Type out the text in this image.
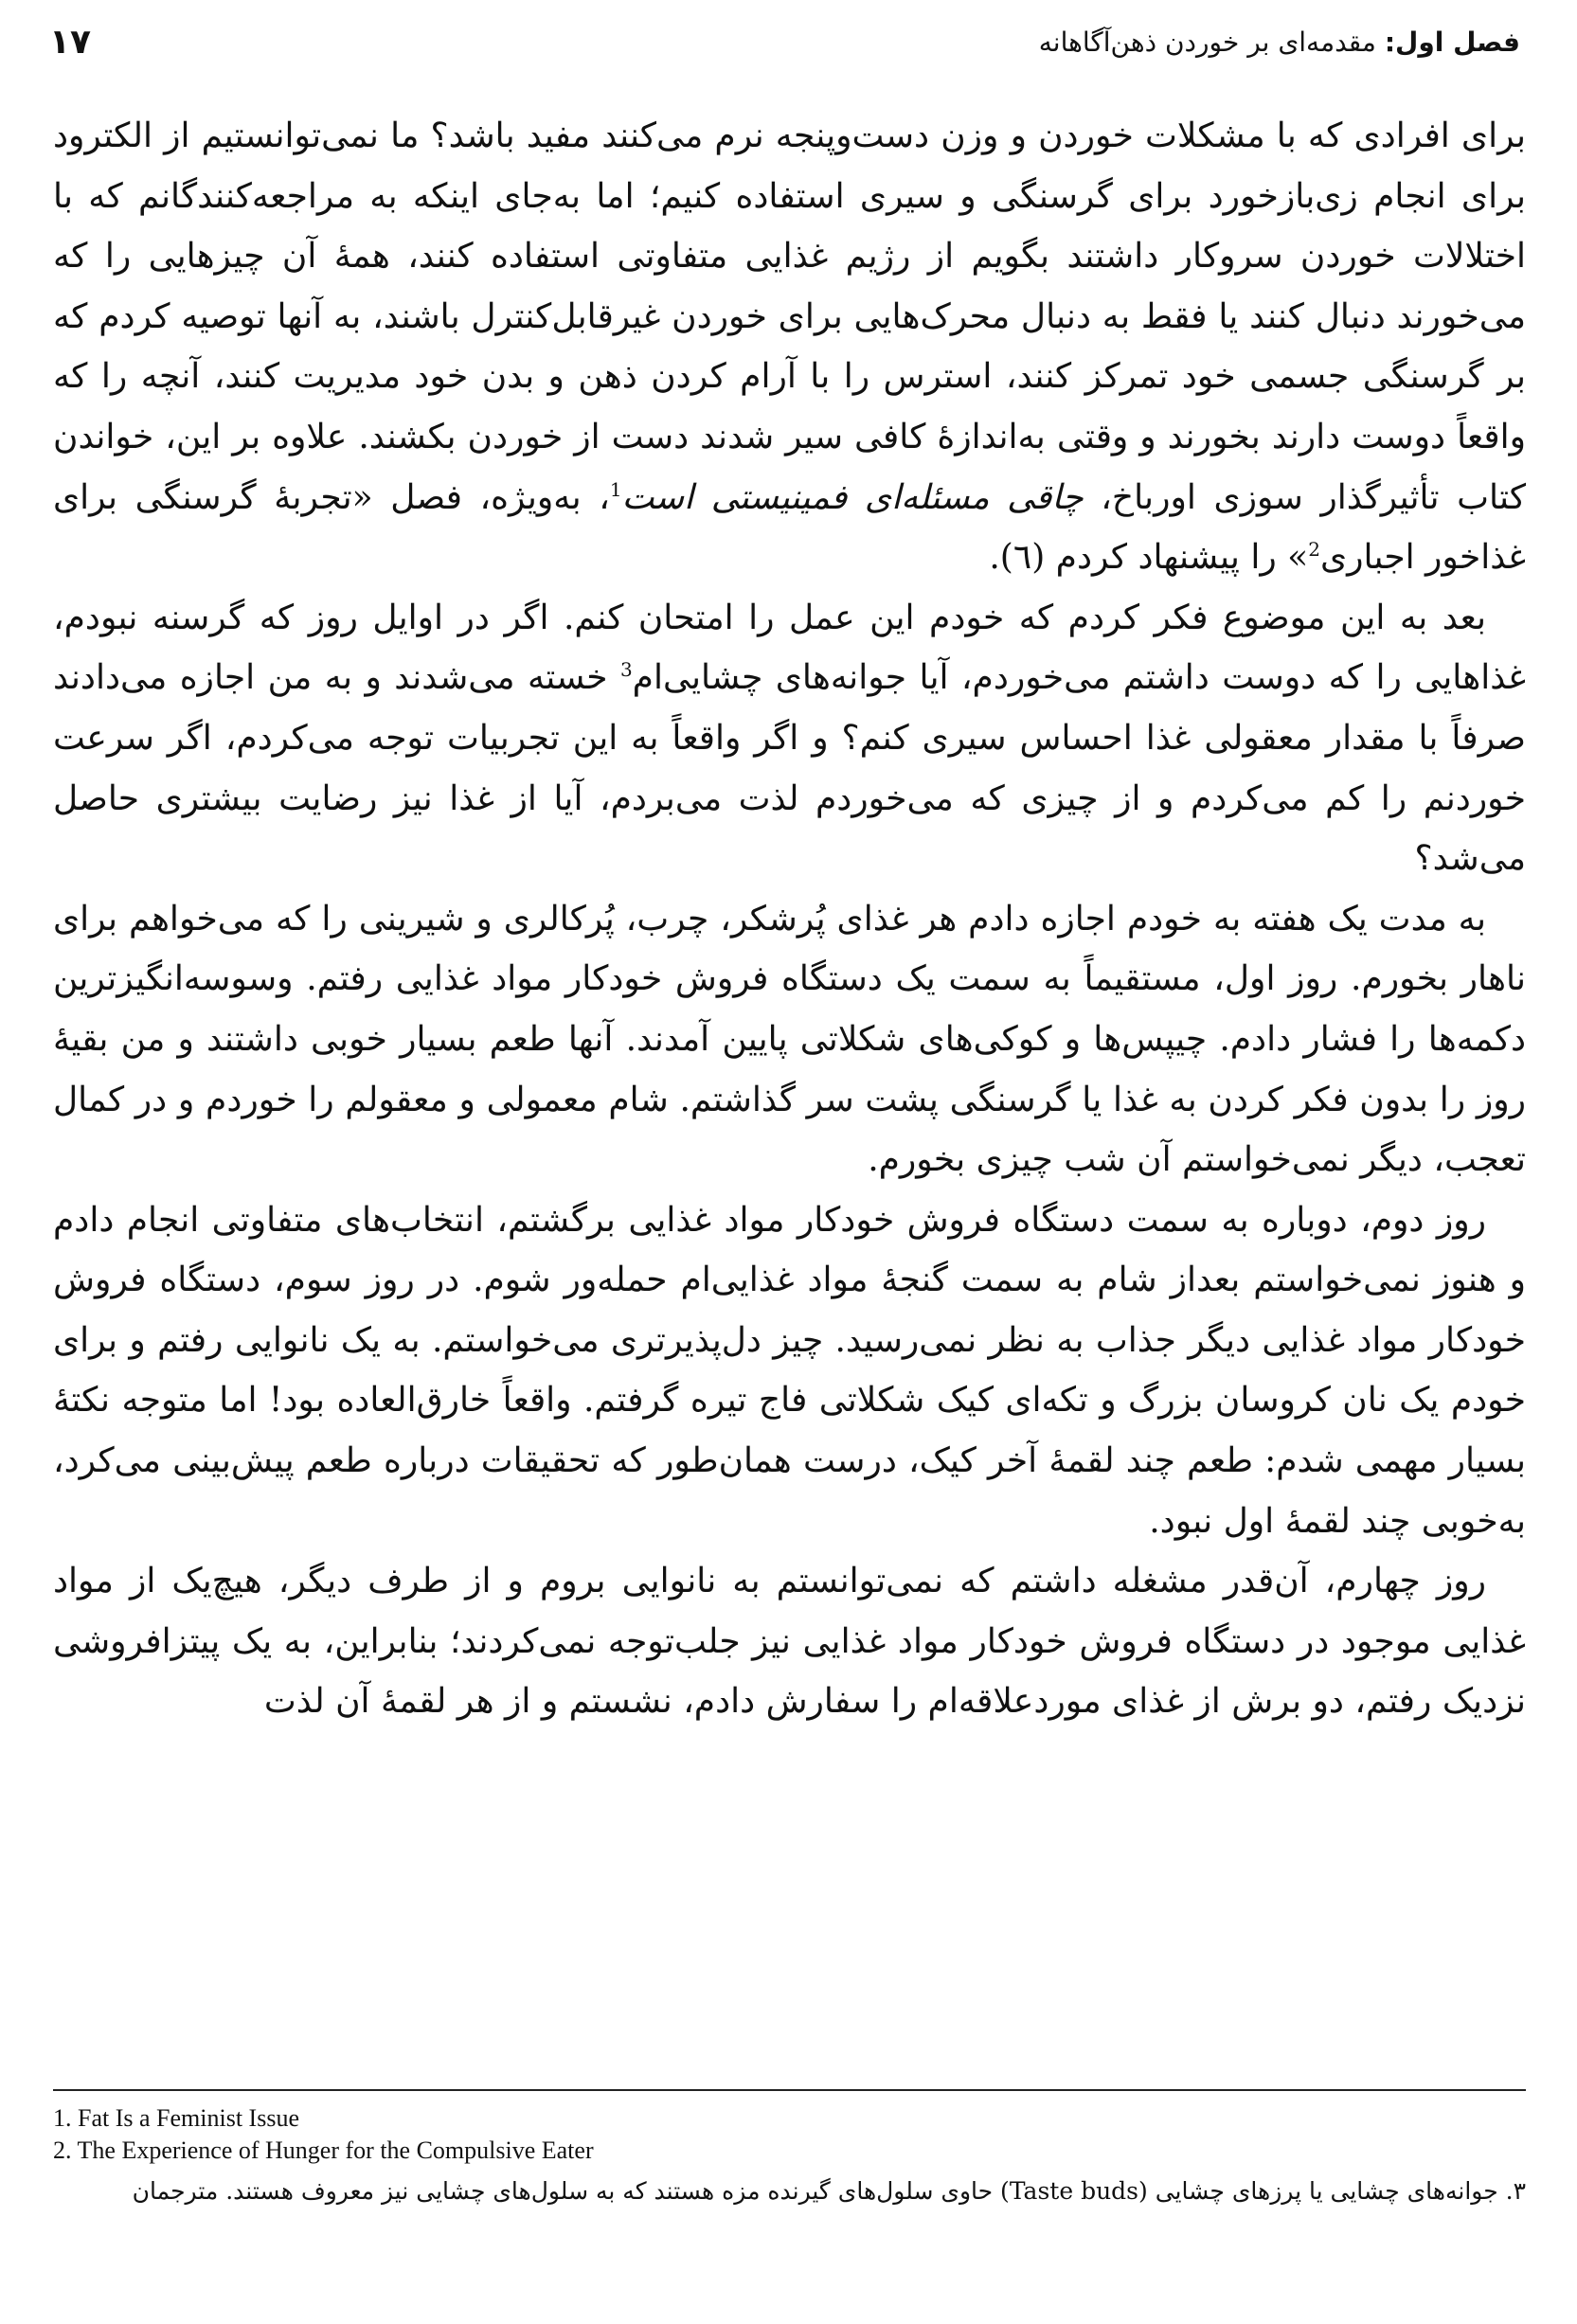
فصل اول: مقدمه‌ای بر خوردن ذهن‌آگاهانه
۱۷

برای افرادی که با مشکلات خوردن و وزن دست‌وپنجه نرم می‌کنند مفید باشد؟ ما نمی‌توانستیم از الکترود برای انجام زی‌بازخورد برای گرسنگی و سیری استفاده کنیم؛ اما به‌جای اینکه به مراجعه‌کنندگانم که با اختلالات خوردن سروکار داشتند بگویم از رژیم غذایی متفاوتی استفاده کنند، همهٔ آن چیزهایی را که می‌خورند دنبال کنند یا فقط به دنبال محرک‌هایی برای خوردن غیرقابل‌کنترل باشند، به آنها توصیه کردم که بر گرسنگی جسمی خود تمرکز کنند، استرس را با آرام کردن ذهن و بدن خود مدیریت کنند، آنچه را که واقعاً دوست دارند بخورند و وقتی به‌اندازهٔ کافی سیر شدند دست از خوردن بکشند. علاوه بر این، خواندن کتاب تأثیرگذار سوزی اورباخ، چاقی مسئله‌ای فمینیستی است$^1$، به‌ویژه، فصل «تجربهٔ گرسنگی برای غذاخور اجباری$^2$» را پیشنهاد کردم (٦).

بعد به این موضوع فکر کردم که خودم این عمل را امتحان کنم. اگر در اوایل روز که گرسنه نبودم، غذاهایی را که دوست داشتم می‌خوردم، آیا جوانه‌های چشایی‌ام$^3$ خسته می‌شدند و به من اجازه می‌دادند صرفاً با مقدار معقولی غذا احساس سیری کنم؟ و اگر واقعاً به این تجربیات توجه می‌کردم، اگر سرعت خوردنم را کم می‌کردم و از چیزی که می‌خوردم لذت می‌بردم، آیا از غذا نیز رضایت بیشتری حاصل می‌شد؟

به مدت یک هفته به خودم اجازه دادم هر غذای پُرشکر، چرب، پُرکالری و شیرینی را که می‌خواهم برای ناهار بخورم. روز اول، مستقیماً به سمت یک دستگاه فروش خودکار مواد غذایی رفتم. وسوسه‌انگیزترین دکمه‌ها را فشار دادم. چیپس‌ها و کوکی‌های شکلاتی پایین آمدند. آنها طعم بسیار خوبی داشتند و من بقیهٔ روز را بدون فکر کردن به غذا یا گرسنگی پشت سر گذاشتم. شام معمولی و معقولم را خوردم و در کمال تعجب، دیگر نمی‌خواستم آن شب چیزی بخورم.

روز دوم، دوباره به سمت دستگاه فروش خودکار مواد غذایی برگشتم، انتخاب‌های متفاوتی انجام دادم و هنوز نمی‌خواستم بعداز شام به سمت گنجهٔ مواد غذایی‌ام حمله‌ور شوم. در روز سوم، دستگاه فروش خودکار مواد غذایی دیگر جذاب به نظر نمی‌رسید. چیز دل‌پذیرتری می‌خواستم. به یک نانوایی رفتم و برای خودم یک نان کروسان بزرگ و تکه‌ای کیک شکلاتی فاج تیره گرفتم. واقعاً خارق‌العاده بود! اما متوجه نکتهٔ بسیار مهمی شدم: طعم چند لقمهٔ آخر کیک، درست همان‌طور که تحقیقات درباره طعم پیش‌بینی می‌کرد، به‌خوبی چند لقمهٔ اول نبود.

روز چهارم، آن‌قدر مشغله داشتم که نمی‌توانستم به نانوایی بروم و از طرف دیگر، هیچ‌یک از مواد غذایی موجود در دستگاه فروش خودکار مواد غذایی نیز جلب‌توجه نمی‌کردند؛ بنابراین، به یک پیتزافروشی نزدیک رفتم، دو برش از غذای موردعلاقه‌ام را سفارش دادم، نشستم و از هر لقمهٔ آن لذت

1. Fat Is a Feminist Issue
2. The Experience of Hunger for the Compulsive Eater
٣. جوانه‌های چشایی یا پرزهای چشایی (Taste buds) حاوی سلول‌های گیرنده مزه هستند که به سلول‌های چشایی نیز معروف هستند. مترجمان
